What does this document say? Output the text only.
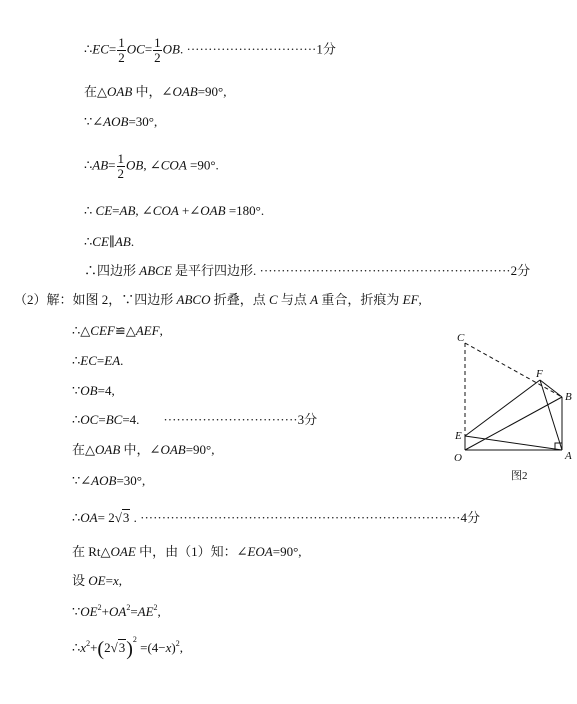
∴EC= $\frac{1}{2} OC= \frac{1}{2}$ OB. ······························1分
在△OAB 中，∠OAB=90°,
∵∠AOB=30°,
∴AB= $\frac{1}{2}$ OB, ∠COA =90°.
∴ CE=AB, ∠COA +∠OAB =180°.
∴CE∥AB.
∴四边形 ABCE 是平行四边形. ··························································2分
（2）解：如图 2，∵四边形 ABCO 折叠，点 C 与点 A 重合，折痕为 EF,
∴△CEF≌△AEF,
∴EC=EA.
∵OB=4,
∴OC=BC=4. ·······························3分
在△OAB 中，∠OAB=90°,
∵∠AOB=30°,
∴OA= 2√3 . ··········································································4分
在 Rt△OAE 中，由（1）知：∠EOA=90°,
设 OE=x,
$\because OE^2+OA^2=AE^2$,
$\therefore x^2+(2√3)^2 =(4-x)^2$,
C
F
B
E
O	A
图2
